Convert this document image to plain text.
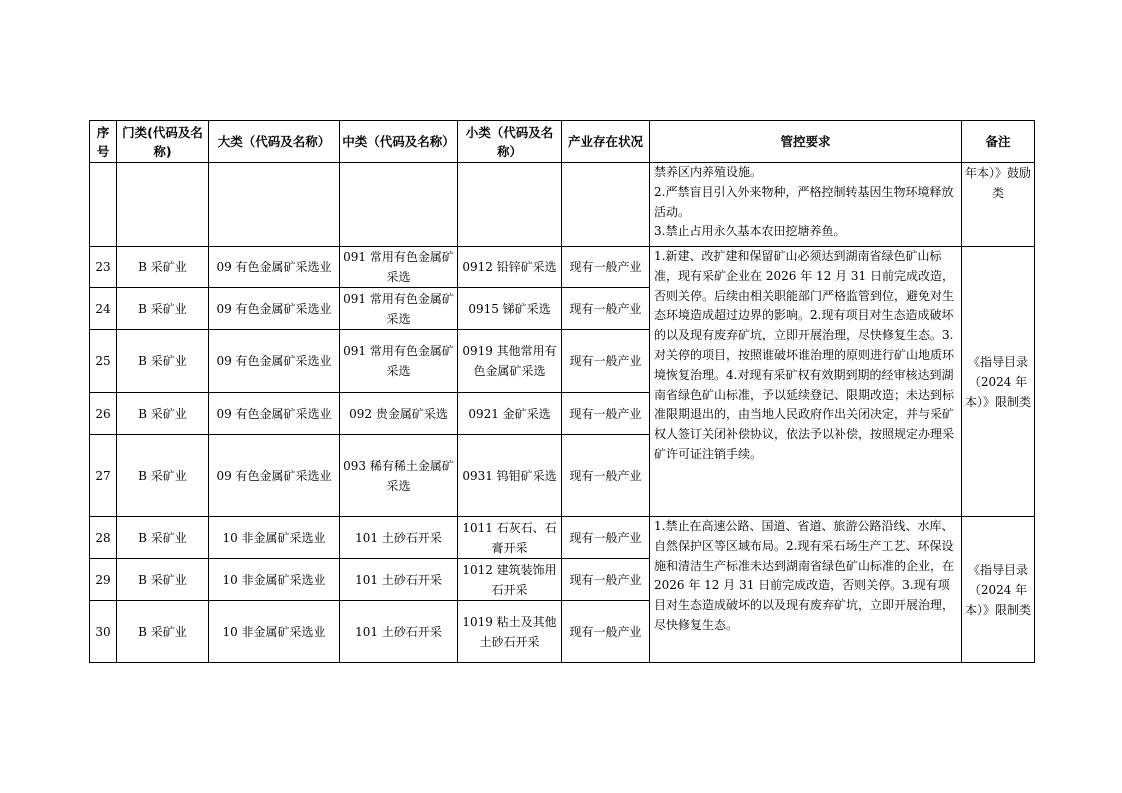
序号	门类(代码及名称)	大类（代码及名称）	中类（代码及名称）	小类（代码及名称）	产业存在状况	管控要求	备注

						禁养区内养殖设施。
2.严禁盲目引入外来物种，严格控制转基因生物环境释放活动。
3.禁止占用永久基本农田挖塘养鱼。	年本）》鼓励类
23	B 采矿业	09 有色金属矿采选业	091 常用有色金属矿采选	0912 铅锌矿采选	现有一般产业	1.新建、改扩建和保留矿山必须达到湖南省绿色矿山标准，现有采矿企业在 2026 年 12 月 31 日前完成改造，否则关停。后续由相关职能部门严格监管到位，避免对生态环境造成超过边界的影响。2.现有项目对生态造成破坏的以及现有废弃矿坑，立即开展治理，尽快修复生态。3.对关停的项目，按照谁破坏谁治理的原则进行矿山地质环境恢复治理。4.对现有采矿权有效期到期的经审核达到湖南省绿色矿山标准，予以延续登记、限期改造；未达到标准限期退出的，由当地人民政府作出关闭决定，并与采矿权人签订关闭补偿协议，依法予以补偿，按照规定办理采矿许可证注销手续。	《指导目录（2024 年本）》限制类
24	B 采矿业	09 有色金属矿采选业	091 常用有色金属矿采选	0915 锑矿采选	现有一般产业		
25	B 采矿业	09 有色金属矿采选业	091 常用有色金属矿采选	0919 其他常用有色金属矿采选	现有一般产业		
26	B 采矿业	09 有色金属矿采选业	092 贵金属矿采选	0921 金矿采选	现有一般产业		
27	B 采矿业	09 有色金属矿采选业	093 稀有稀土金属矿采选	0931 钨钼矿采选	现有一般产业		
28	B 采矿业	10 非金属矿采选业	101 土砂石开采	1011 石灰石、石膏开采	现有一般产业	1.禁止在高速公路、国道、省道、旅游公路沿线、水库、自然保护区等区域布局。2.现有采石场生产工艺、环保设施和清洁生产标准未达到湖南省绿色矿山标准的企业，在 2026 年 12 月 31 日前完成改造，否则关停。3.现有项目对生态造成破坏的以及现有废弃矿坑，立即开展治理，尽快修复生态。	《指导目录（2024 年本）》限制类
29	B 采矿业	10 非金属矿采选业	101 土砂石开采	1012 建筑装饰用石开采	现有一般产业		
30	B 采矿业	10 非金属矿采选业	101 土砂石开采	1019 粘土及其他土砂石开采	现有一般产业		
